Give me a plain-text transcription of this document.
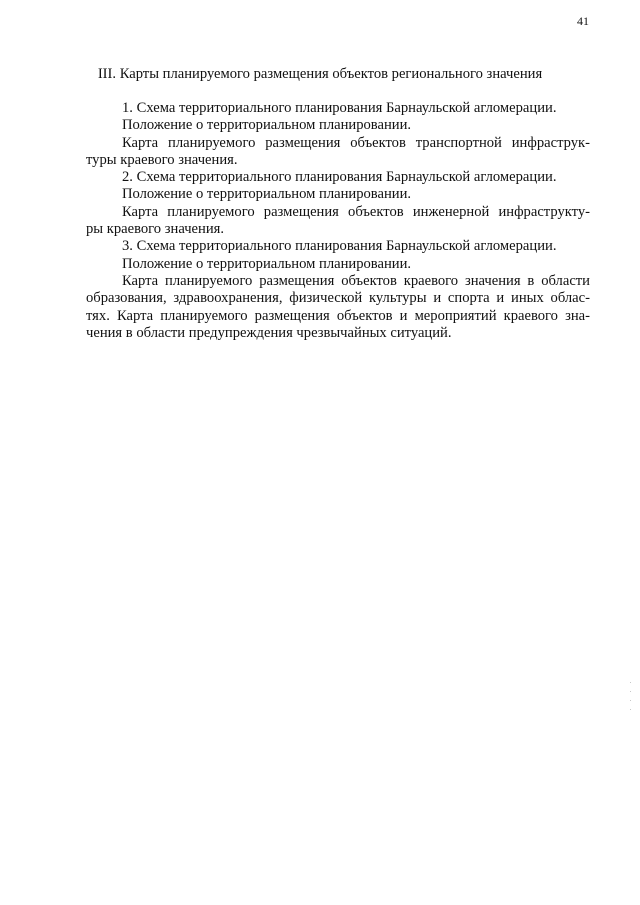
41
III. Карты планируемого размещения объектов регионального значения
1. Схема территориального планирования Барнаульской агломерации.
Положение о территориальном планировании.
Карта планируемого размещения объектов транспортной инфраструк-
туры краевого значения.
2. Схема территориального планирования Барнаульской агломерации.
Положение о территориальном планировании.
Карта планируемого размещения объектов инженерной инфраструкту-
ры краевого значения.
3. Схема территориального планирования Барнаульской агломерации.
Положение о территориальном планировании.
Карта планируемого размещения объектов краевого значения в области
образования, здравоохранения, физической культуры и спорта и иных облас-
тях. Карта планируемого размещения объектов и мероприятий краевого зна-
чения в области предупреждения чрезвычайных ситуаций.
